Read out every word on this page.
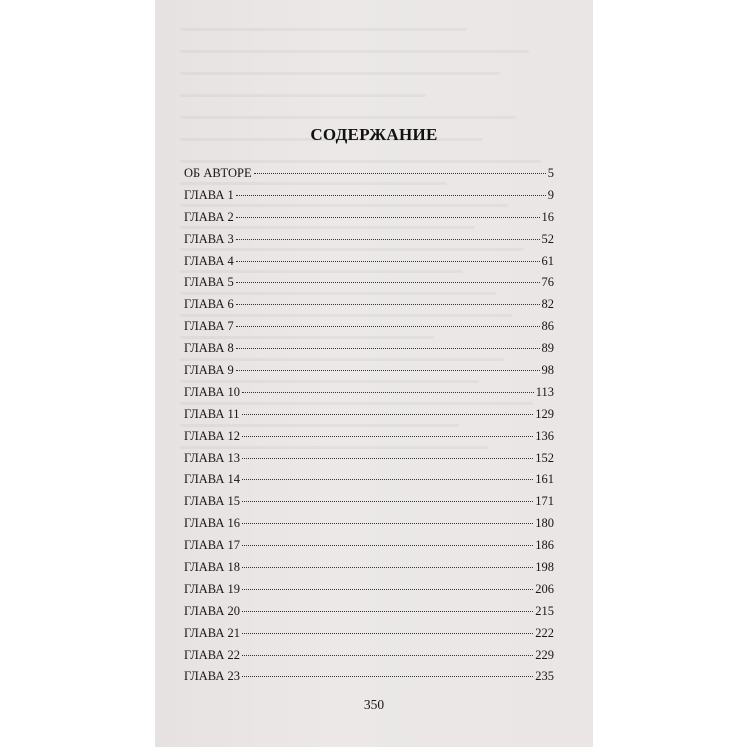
СОДЕРЖАНИЕ
ОБ АВТОРЕ	5
ГЛАВА 1	9
ГЛАВА 2	16
ГЛАВА 3	52
ГЛАВА 4	61
ГЛАВА 5	76
ГЛАВА 6	82
ГЛАВА 7	86
ГЛАВА 8	89
ГЛАВА 9	98
ГЛАВА 10	113
ГЛАВА 11	129
ГЛАВА 12	136
ГЛАВА 13	152
ГЛАВА 14	161
ГЛАВА 15	171
ГЛАВА 16	180
ГЛАВА 17	186
ГЛАВА 18	198
ГЛАВА 19	206
ГЛАВА 20	215
ГЛАВА 21	222
ГЛАВА 22	229
ГЛАВА 23	235
350
